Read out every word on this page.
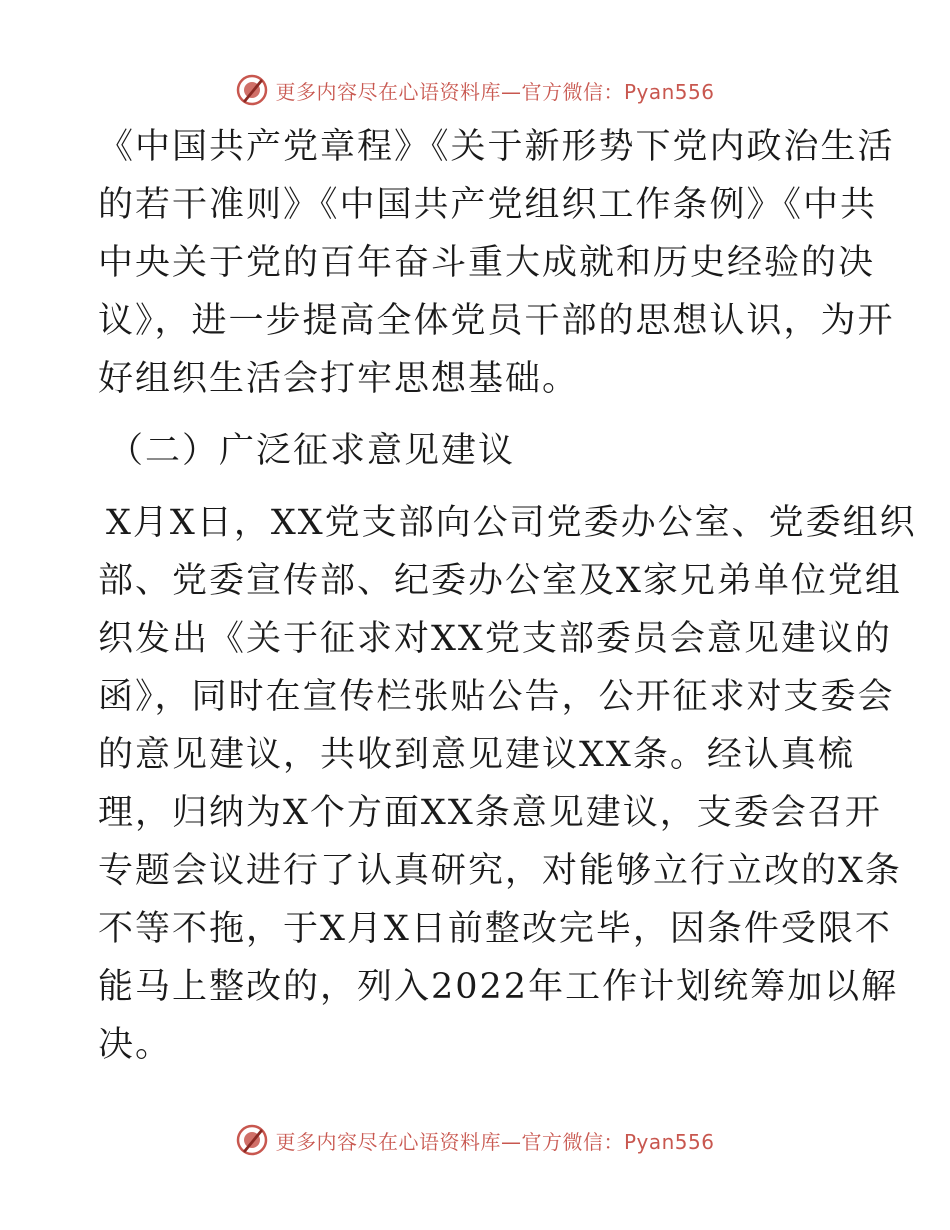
更多内容尽在心语资料库—官方微信：Pyan556
《中国共产党章程》《关于新形势下党内政治生活
的若干准则》《中国共产党组织工作条例》《中共
中央关于党的百年奋斗重大成就和历史经验的决
议》，进一步提高全体党员干部的思想认识，为开
好组织生活会打牢思想基础。
（二）广泛征求意见建议
X月X日，XX党支部向公司党委办公室、党委组织
部、党委宣传部、纪委办公室及X家兄弟单位党组
织发出《关于征求对XX党支部委员会意见建议的
函》，同时在宣传栏张贴公告，公开征求对支委会
的意见建议，共收到意见建议XX条。经认真梳
理，归纳为X个方面XX条意见建议，支委会召开
专题会议进行了认真研究，对能够立行立改的X条
不等不拖，于X月X日前整改完毕，因条件受限不
能马上整改的，列入2022年工作计划统筹加以解
决。
更多内容尽在心语资料库—官方微信：Pyan556
